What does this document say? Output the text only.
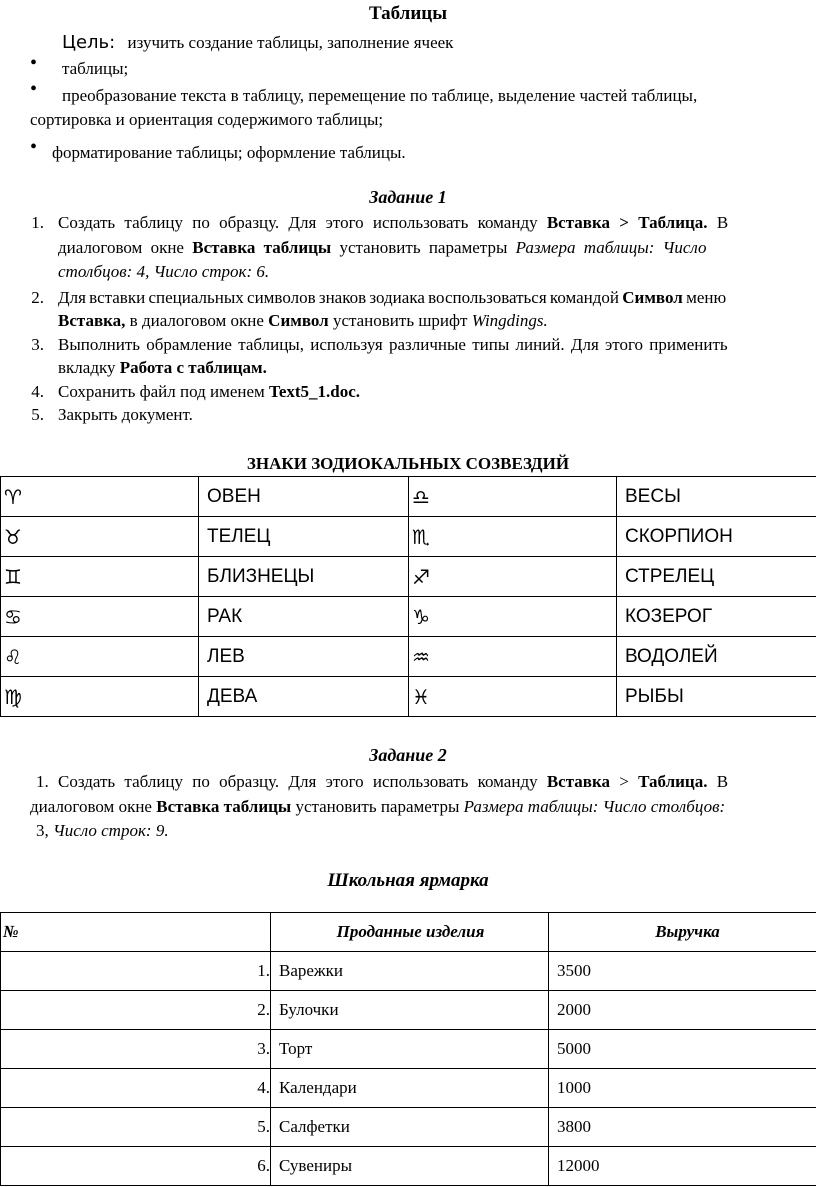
Таблицы
Цель: изучить создание таблицы, заполнение ячеек
• таблицы;
• преобразование текста в таблицу, перемещение по таблице, выделение частей таблицы,
сортировка и ориентация содержимого таблицы;
• форматирование таблицы; оформление таблицы.
Задание 1
1. Создать таблицу по образцу. Для этого использовать команду Вставка > Таблица. В
диалоговом окне Вставка таблицы установить параметры Размера таблицы: Число
столбцов: 4, Число строк: 6.
2. Для вставки специальных символов знаков зодиака воспользоваться командой Символ меню
Вставка, в диалоговом окне Символ установить шрифт Wingdings.
3. Выполнить обрамление таблицы, используя различные типы линий. Для этого применить
вкладку Работа с таблицам.
4. Сохранить файл под именем Text5_1.doc.
5. Закрыть документ.
ЗНАКИ ЗОДИОКАЛЬНЫХ СОЗВЕЗДИЙ
♈	ОВЕН	♎	ВЕСЫ
♉	ТЕЛЕЦ	♏	СКОРПИОН
♊	БЛИЗНЕЦЫ	♐	СТРЕЛЕЦ
♋	РАК	♑	КОЗЕРОГ
♌	ЛЕВ	♒	ВОДОЛЕЙ
♍	ДЕВА	♓	РЫБЫ
Задание 2
1. Создать таблицу по образцу. Для этого использовать команду Вставка > Таблица. В
диалоговом окне Вставка таблицы установить параметры Размера таблицы: Число столбцов:
3, Число строк: 9.
Школьная ярмарка
№	Проданные изделия	Выручка
1.	Варежки	3500
2.	Булочки	2000
3.	Торт	5000
4.	Календари	1000
5.	Салфетки	3800
6.	Сувениры	12000
